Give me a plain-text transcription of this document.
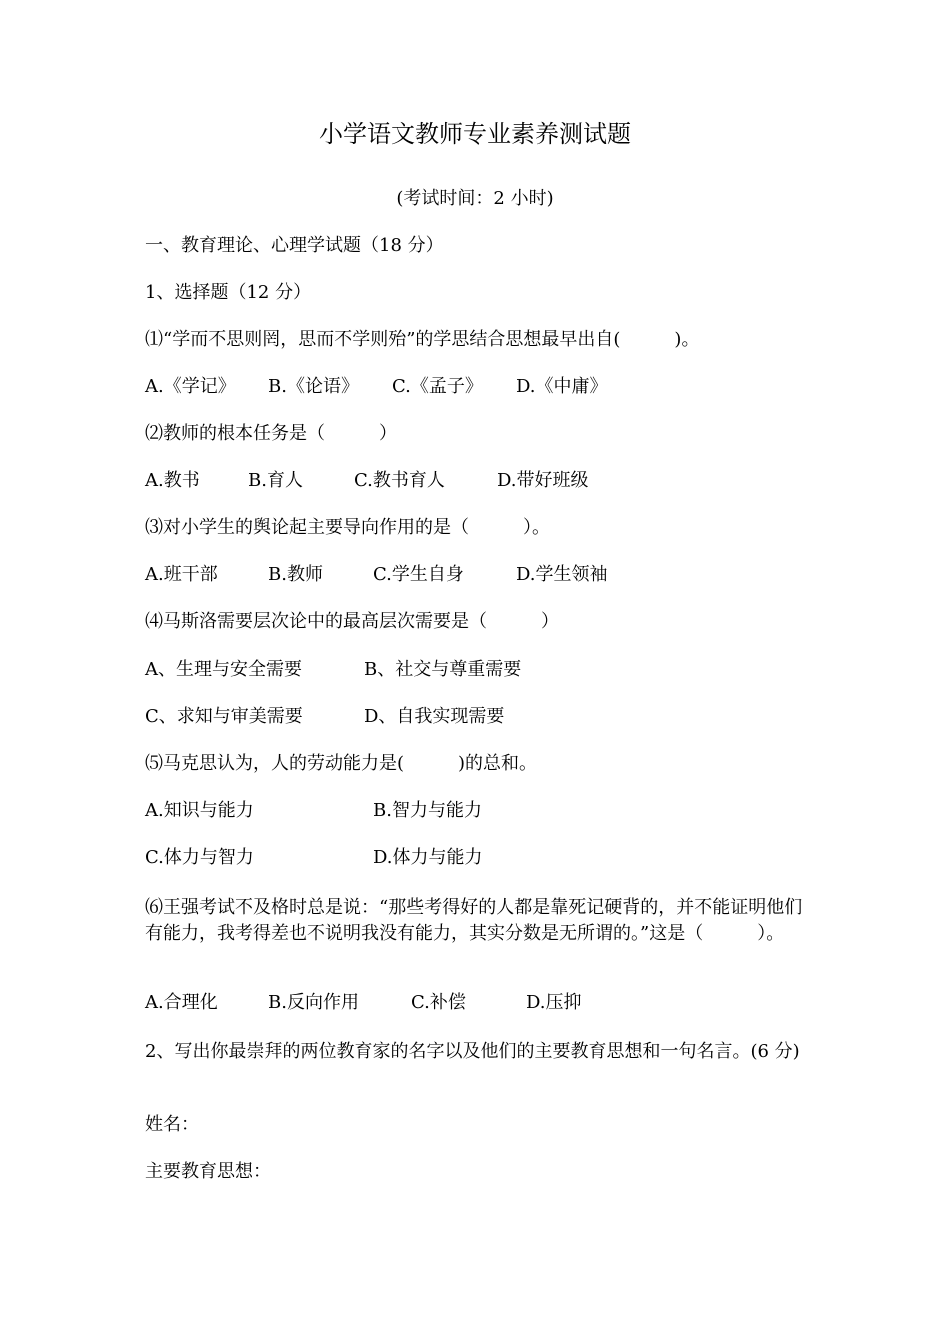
小学语文教师专业素养测试题
(考试时间：2 小时)
一、教育理论、心理学试题（18 分）
1、选择题（12 分）
⑴“学而不思则罔，思而不学则殆”的学思结合思想最早出自(　　　)。
A.《学记》 B.《论语》 C.《孟子》 D.《中庸》
⑵教师的根本任务是（　　　）
A.教书	B.育人	C.教书育人	D.带好班级
⑶对小学生的舆论起主要导向作用的是（　　　）。
A.班干部	B.教师	C.学生自身	D.学生领袖
⑷马斯洛需要层次论中的最高层次需要是（　　　）
A、生理与安全需要	B、社交与尊重需要
C、求知与审美需要	D、自我实现需要
⑸马克思认为，人的劳动能力是(　　　)的总和。
A.知识与能力	B.智力与能力
C.体力与智力	D.体力与能力
⑹王强考试不及格时总是说：“那些考得好的人都是靠死记硬背的，并不能证明他们有能力，我考得差也不说明我没有能力，其实分数是无所谓的。”这是（　　　）。
A.合理化	B.反向作用	C.补偿	D.压抑
2、写出你最崇拜的两位教育家的名字以及他们的主要教育思想和一句名言。(6 分)
姓名：
主要教育思想：
